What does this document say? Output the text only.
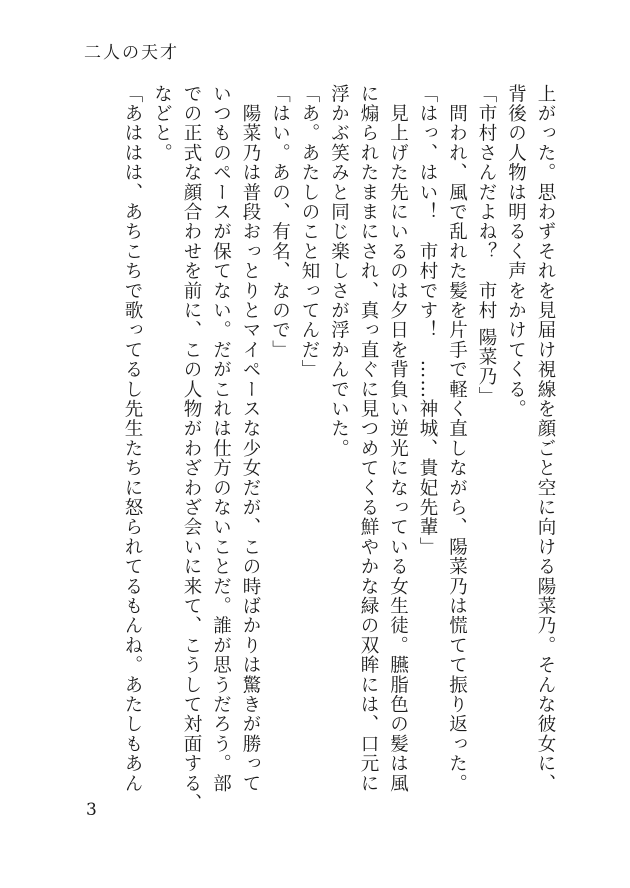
二人の天才

上がった。思わずそれを見届け視線を顔ごと空に向ける陽菜乃。そんな彼女に、

背後の人物は明るく声をかけてくる。

「市村さんだよね？　市村 陽菜乃」

　問われ、風で乱れた髪を片手で軽く直しながら、陽菜乃は慌てて振り返った。

「はっ、はい！　市村です！　……神城、貴妃先輩」

　見上げた先にいるのは夕日を背負い逆光になっている女生徒。臙脂色の髪は風

に煽られたままにされ、真っ直ぐに見つめてくる鮮やかな緑の双眸には、口元に

浮かぶ笑みと同じ楽しさが浮かんでいた。

「あ。あたしのこと知ってんだ」

「はい。あの、有名、なので」

　陽菜乃は普段おっとりとマイペースな少女だが、この時ばかりは驚きが勝って

いつものペースが保てない。だがこれは仕方のないことだ。誰が思うだろう。部

での正式な顔合わせを前に、この人物がわざわざ会いに来て、こうして対面する、

などと。

「あははは、あちこちで歌ってるし先生たちに怒られてるもんね。あたしもあん

3
